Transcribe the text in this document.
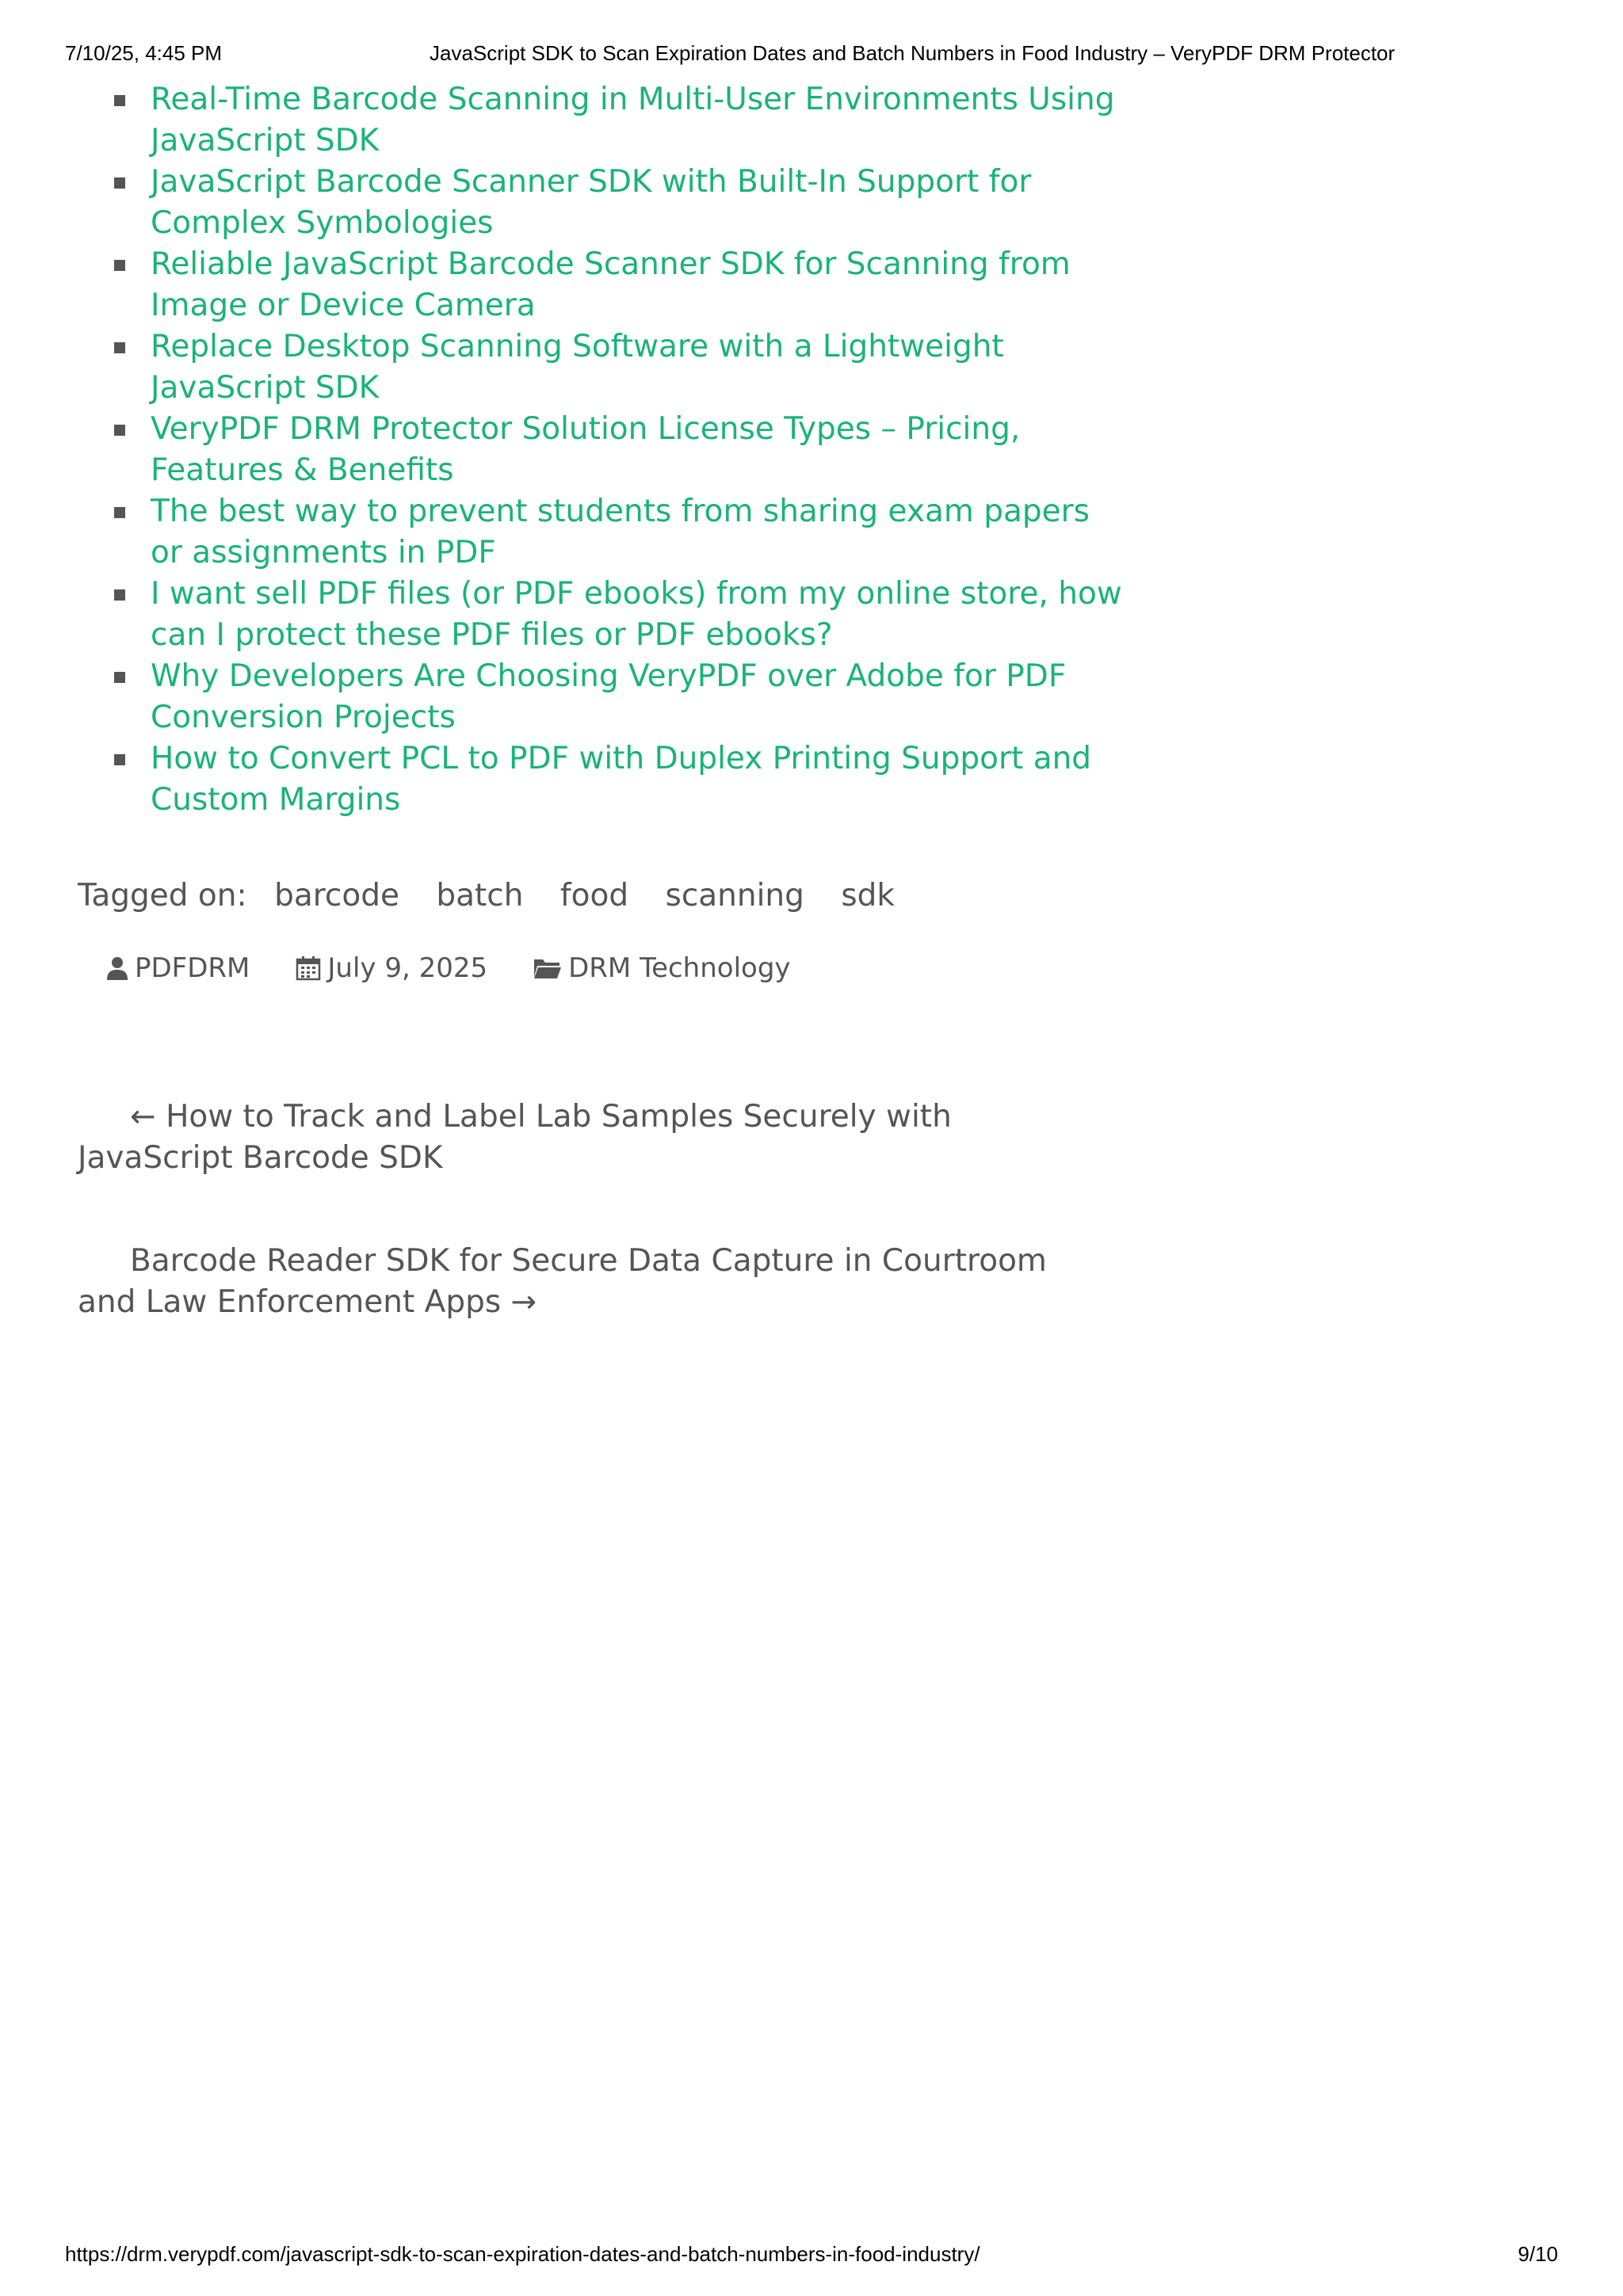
7/10/25, 4:45 PM	JavaScript SDK to Scan Expiration Dates and Batch Numbers in Food Industry – VeryPDF DRM Protector
Real-Time Barcode Scanning in Multi-User Environments Using JavaScript SDK
JavaScript Barcode Scanner SDK with Built-In Support for Complex Symbologies
Reliable JavaScript Barcode Scanner SDK for Scanning from Image or Device Camera
Replace Desktop Scanning Software with a Lightweight JavaScript SDK
VeryPDF DRM Protector Solution License Types – Pricing, Features & Benefits
The best way to prevent students from sharing exam papers or assignments in PDF
I want sell PDF files (or PDF ebooks) from my online store, how can I protect these PDF files or PDF ebooks?
Why Developers Are Choosing VeryPDF over Adobe for PDF Conversion Projects
How to Convert PCL to PDF with Duplex Printing Support and Custom Margins
Tagged on: barcode batch food scanning sdk
PDFDRM	July 9, 2025	DRM Technology
← How to Track and Label Lab Samples Securely with JavaScript Barcode SDK
Barcode Reader SDK for Secure Data Capture in Courtroom and Law Enforcement Apps →
https://drm.verypdf.com/javascript-sdk-to-scan-expiration-dates-and-batch-numbers-in-food-industry/	9/10
